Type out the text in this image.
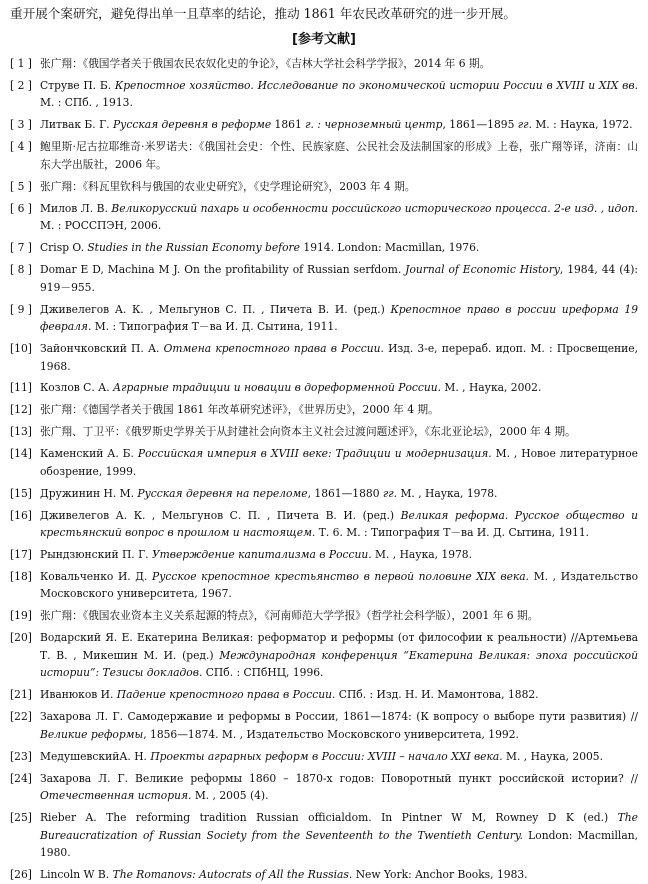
重开展个案研究，避免得出单一且草率的结论，推动 1861 年农民改革研究的进一步开展。

[参考文献]
[ 1 ] 张广翔：《俄国学者关于俄国农民农奴化史的争论》，《吉林大学社会科学学报》，2014 年 6 期。
[ 2 ] Струве П. Б. Крепостное хозяйство. Исследование по экономической истории России в XVIII и XIX вв. М. : СПб. , 1913.
[ 3 ] Литвак Б. Г. Русская деревня в реформе 1861 г. : черноземный центр, 1861—1895 гг. М. : Наука, 1972.
[ 4 ] 鲍里斯·尼古拉耶维奇·米罗诺夫：《俄国社会史：个性、民族家庭、公民社会及法制国家的形成》上卷，张广翔等译，济南：山东大学出版社，2006 年。
[ 5 ] 张广翔：《科瓦里钦科与俄国的农业史研究》，《史学理论研究》，2003 年 4 期。
[ 6 ] Милов Л. В. Великорусский пахарь и особенности российского исторического процесса. 2-е изд. , идоп. М. : РОССПЭН, 2006.
[ 7 ] Crisp O. Studies in the Russian Economy before 1914. London: Macmillan, 1976.
[ 8 ] Domar E D, Machina M J. On the profitability of Russian serfdom. Journal of Economic History, 1984, 44 (4): 919－955.
[ 9 ] Дживелегов А. К. , Мельгунов С. П. , Пичета В. И. (ред.) Крепостное право в россии иреформа 19 февраля. М. : Типография Т－ва И. Д. Сытина, 1911.
[10] Зайончковский П. А. Отмена крепостного права в России. Изд. 3-е, перераб. идоп. М. : Просвещение, 1968.
[11] Козлов С. А. Аграрные традиции и новации в дореформенной России. М. , Наука, 2002.
[12] 张广翔：《德国学者关于俄国 1861 年改革研究述评》，《世界历史》，2000 年 4 期。
[13] 张广翔、丁卫平：《俄罗斯史学界关于从封建社会向资本主义社会过渡问题述评》，《东北亚论坛》，2000 年 4 期。
[14] Каменский А. Б. Российская империя в XVIII веке: Традиции и модернизация. М. , Новое литературное обозрение, 1999.
[15] Дружинин Н. М. Русская деревня на переломе, 1861—1880 гг. М. , Наука, 1978.
[16] Дживелегов А. К. , Мельгунов С. П. , Пичета В. И. (ред.) Великая реформа. Русское общество и крестьянский вопрос в прошлом и настоящем. Т. 6. М. : Типография Т－ва И. Д. Сытина, 1911.
[17] Рындзюнский П. Г. Утверждение капитализма в России. М. , Наука, 1978.
[18] Ковальченко И. Д. Русское крепостное крестьянство в первой половине XIX века. М. , Издательство Московского университета, 1967.
[19] 张广翔：《俄国农业资本主义关系起源的特点》，《河南师范大学学报》（哲学社会科学版），2001 年 6 期。
[20] Водарский Я. Е. Екатерина Великая: реформатор и реформы (от философии к реальности) //Артемьева Т. В. , Микешин М. И. (ред.) Международная конференция “Екатерина Великая: эпоха российской истории”: Тезисы докладов. СПб. : СПбНЦ, 1996.
[21] Иванюков И. Падение крепостного права в России. СПб. : Изд. Н. И. Мамонтова, 1882.
[22] Захарова Л. Г. Самодержавие и реформы в России, 1861—1874: (К вопросу о выборе пути развития) // Великие реформы, 1856—1874. М. , Издательство Московского университета, 1992.
[23] МедушевскийА. Н. Проекты аграрных реформ в России: XVIII – начало XXI века. М. , Наука, 2005.
[24] Захарова Л. Г. Великие реформы 1860 – 1870-х годов: Поворотный пункт российской истории? // Отечественная история. М. , 2005 (4).
[25] Rieber A. The reforming tradition Russian officialdom. In Pintner W M, Rowney D K (ed.) The Bureaucratization of Russian Society from the Seventeenth to the Twentieth Century. London: Macmillan, 1980.
[26] Lincoln W B. The Romanovs: Autocrats of All the Russias. New York: Anchor Books, 1983.
